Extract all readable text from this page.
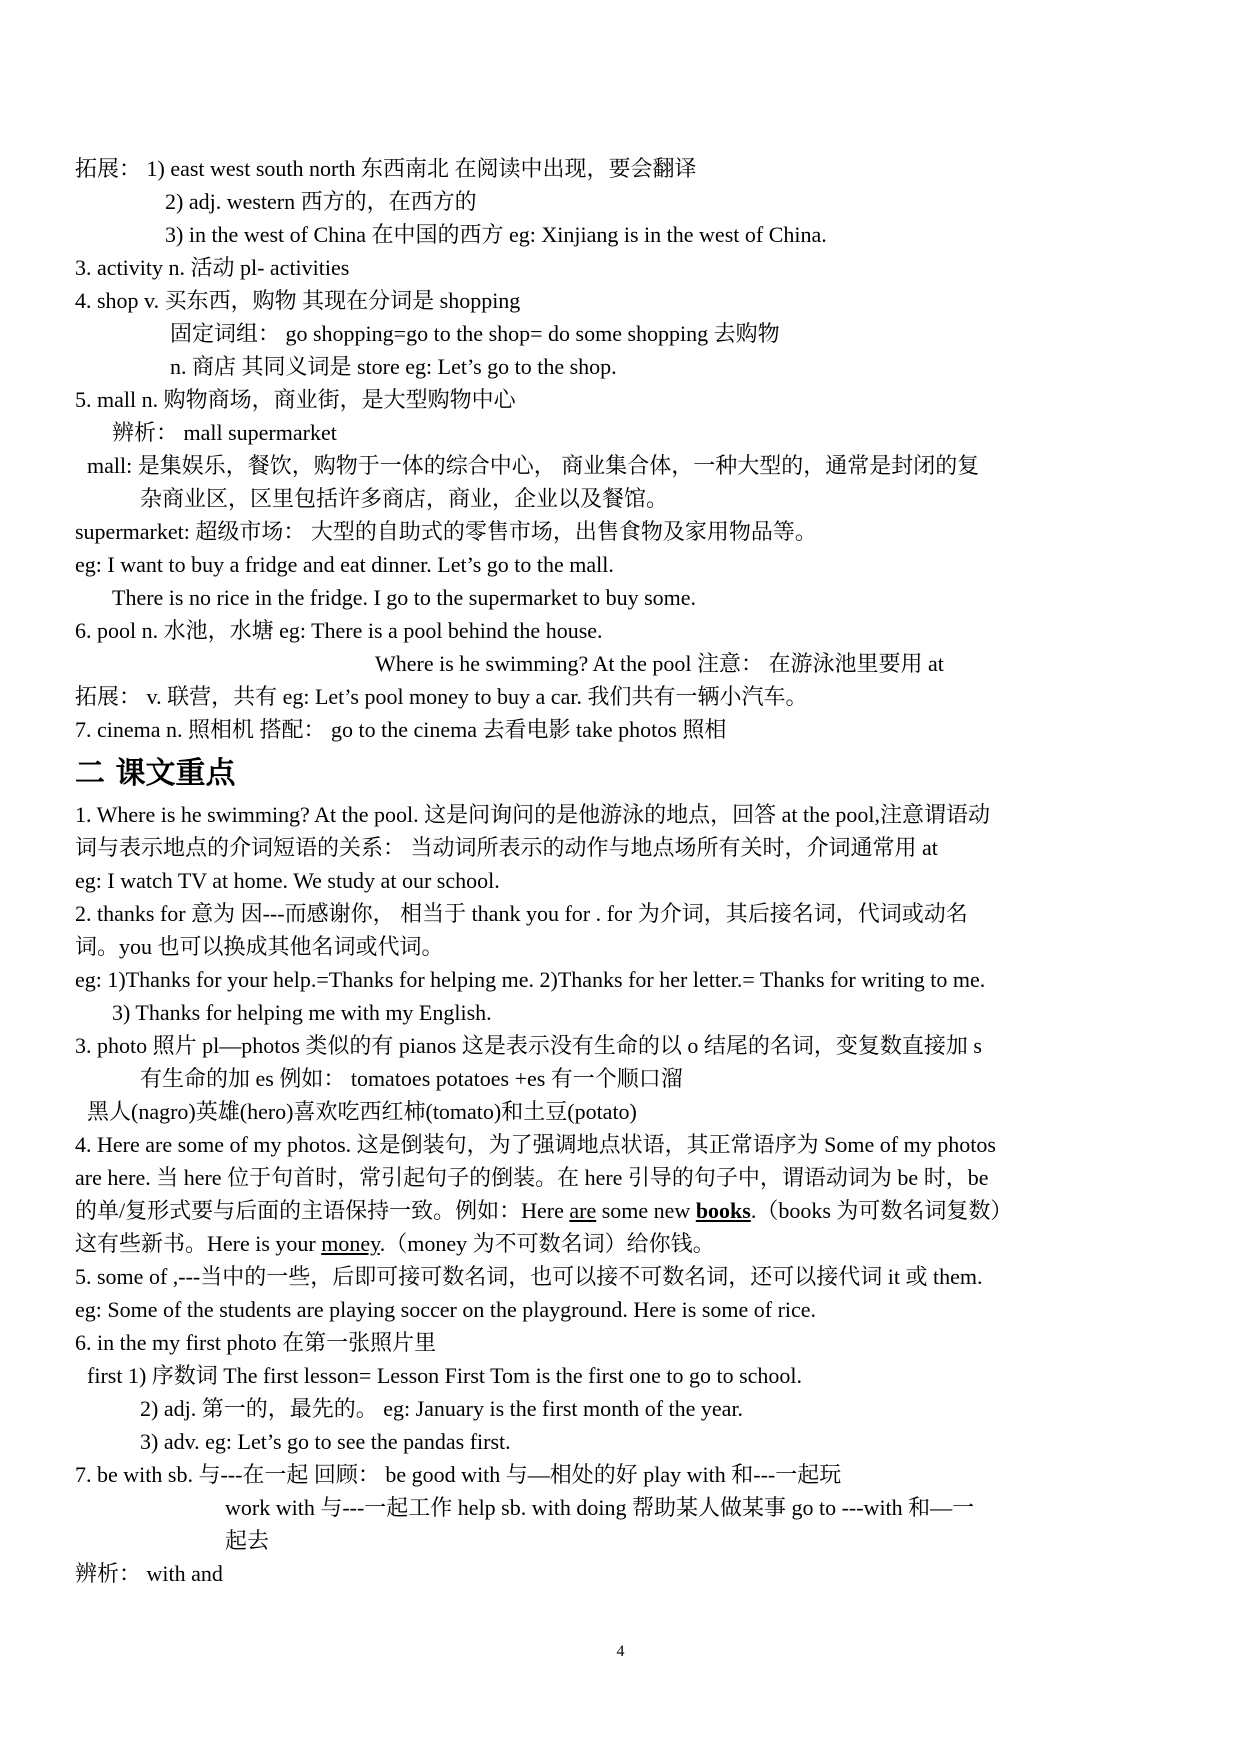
拓展： 1) east west south north 东西南北 在阅读中出现，要会翻译
2) adj. western 西方的，在西方的
3) in the west of China 在中国的西方 eg: Xinjiang is in the west of China.
3. activity n. 活动 pl- activities
4. shop v. 买东西，购物 其现在分词是 shopping
固定词组： go shopping=go to the shop= do some shopping 去购物
n. 商店 其同义词是 store eg: Let’s go to the shop.
5. mall n. 购物商场，商业街，是大型购物中心
辨析： mall supermarket
mall: 是集娱乐，餐饮，购物于一体的综合中心， 商业集合体，一种大型的，通常是封闭的复
杂商业区，区里包括许多商店，商业，企业以及餐馆。
supermarket: 超级市场： 大型的自助式的零售市场，出售食物及家用物品等。
eg: I want to buy a fridge and eat dinner. Let’s go to the mall.
There is no rice in the fridge. I go to the supermarket to buy some.
6. pool n. 水池，水塘 eg: There is a pool behind the house.
Where is he swimming? At the pool 注意： 在游泳池里要用 at
拓展： v. 联营，共有 eg: Let’s pool money to buy a car. 我们共有一辆小汽车。
7. cinema n. 照相机 搭配： go to the cinema 去看电影 take photos 照相
二 课文重点
1. Where is he swimming? At the pool. 这是问询问的是他游泳的地点，回答 at the pool,注意谓语动
词与表示地点的介词短语的关系： 当动词所表示的动作与地点场所有关时，介词通常用 at
eg: I watch TV at home. We study at our school.
2. thanks for 意为 因---而感谢你， 相当于 thank you for . for 为介词，其后接名词，代词或动名
词。you 也可以换成其他名词或代词。
eg: 1)Thanks for your help.=Thanks for helping me. 2)Thanks for her letter.= Thanks for writing to me.
3) Thanks for helping me with my English.
3. photo 照片 pl—photos 类似的有 pianos 这是表示没有生命的以 o 结尾的名词，变复数直接加 s
有生命的加 es 例如： tomatoes potatoes +es 有一个顺口溜
黑人(nagro)英雄(hero)喜欢吃西红柿(tomato)和土豆(potato)
4. Here are some of my photos. 这是倒装句，为了强调地点状语，其正常语序为 Some of my photos
are here. 当 here 位于句首时，常引起句子的倒装。在 here 引导的句子中，谓语动词为 be 时，be
的单/复形式要与后面的主语保持一致。例如：Here are some new books.（books 为可数名词复数）
这有些新书。Here is your money.（money 为不可数名词）给你钱。
5. some of ,---当中的一些，后即可接可数名词，也可以接不可数名词，还可以接代词 it 或 them.
eg: Some of the students are playing soccer on the playground. Here is some of rice.
6. in the my first photo 在第一张照片里
first 1) 序数词 The first lesson= Lesson First Tom is the first one to go to school.
2) adj. 第一的，最先的。 eg: January is the first month of the year.
3) adv. eg: Let’s go to see the pandas first.
7. be with sb. 与---在一起 回顾： be good with 与—相处的好 play with 和---一起玩
work with 与---一起工作 help sb. with doing 帮助某人做某事 go to ---with 和—一
起去
辨析： with and
4
